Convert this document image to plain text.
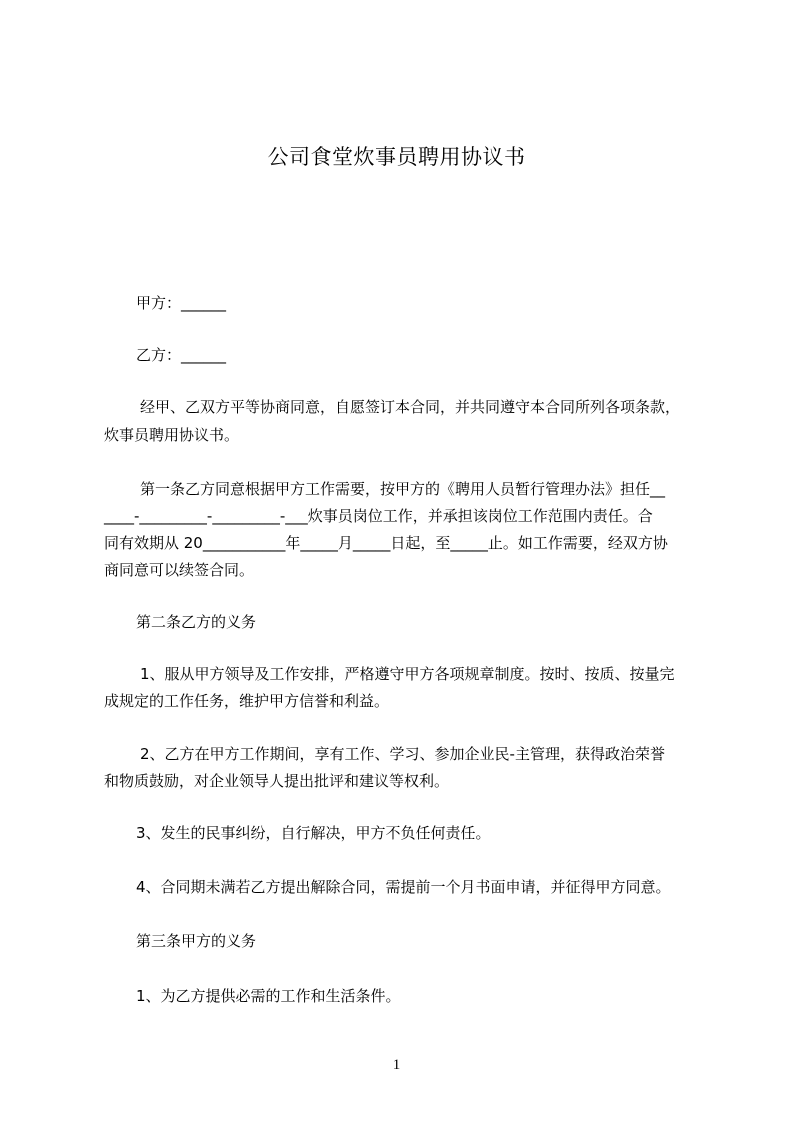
公司食堂炊事员聘用协议书
甲方：______
乙方：______
经甲、乙双方平等协商同意，自愿签订本合同，并共同遵守本合同所列各项条款，
炊事员聘用协议书。
第一条乙方同意根据甲方工作需要，按甲方的《聘用人员暂行管理办法》担任__
____-_________-_________-___炊事员岗位工作，并承担该岗位工作范围内责任。合
同有效期从 20___________年_____月_____日起，至_____止。如工作需要，经双方协
商同意可以续签合同。
第二条乙方的义务
1、服从甲方领导及工作安排，严格遵守甲方各项规章制度。按时、按质、按量完
成规定的工作任务，维护甲方信誉和利益。
2、乙方在甲方工作期间，享有工作、学习、参加企业民-主管理，获得政治荣誉
和物质鼓励，对企业领导人提出批评和建议等权利。
3、发生的民事纠纷，自行解决，甲方不负任何责任。
4、合同期未满若乙方提出解除合同，需提前一个月书面申请，并征得甲方同意。
第三条甲方的义务
1、为乙方提供必需的工作和生活条件。
1
